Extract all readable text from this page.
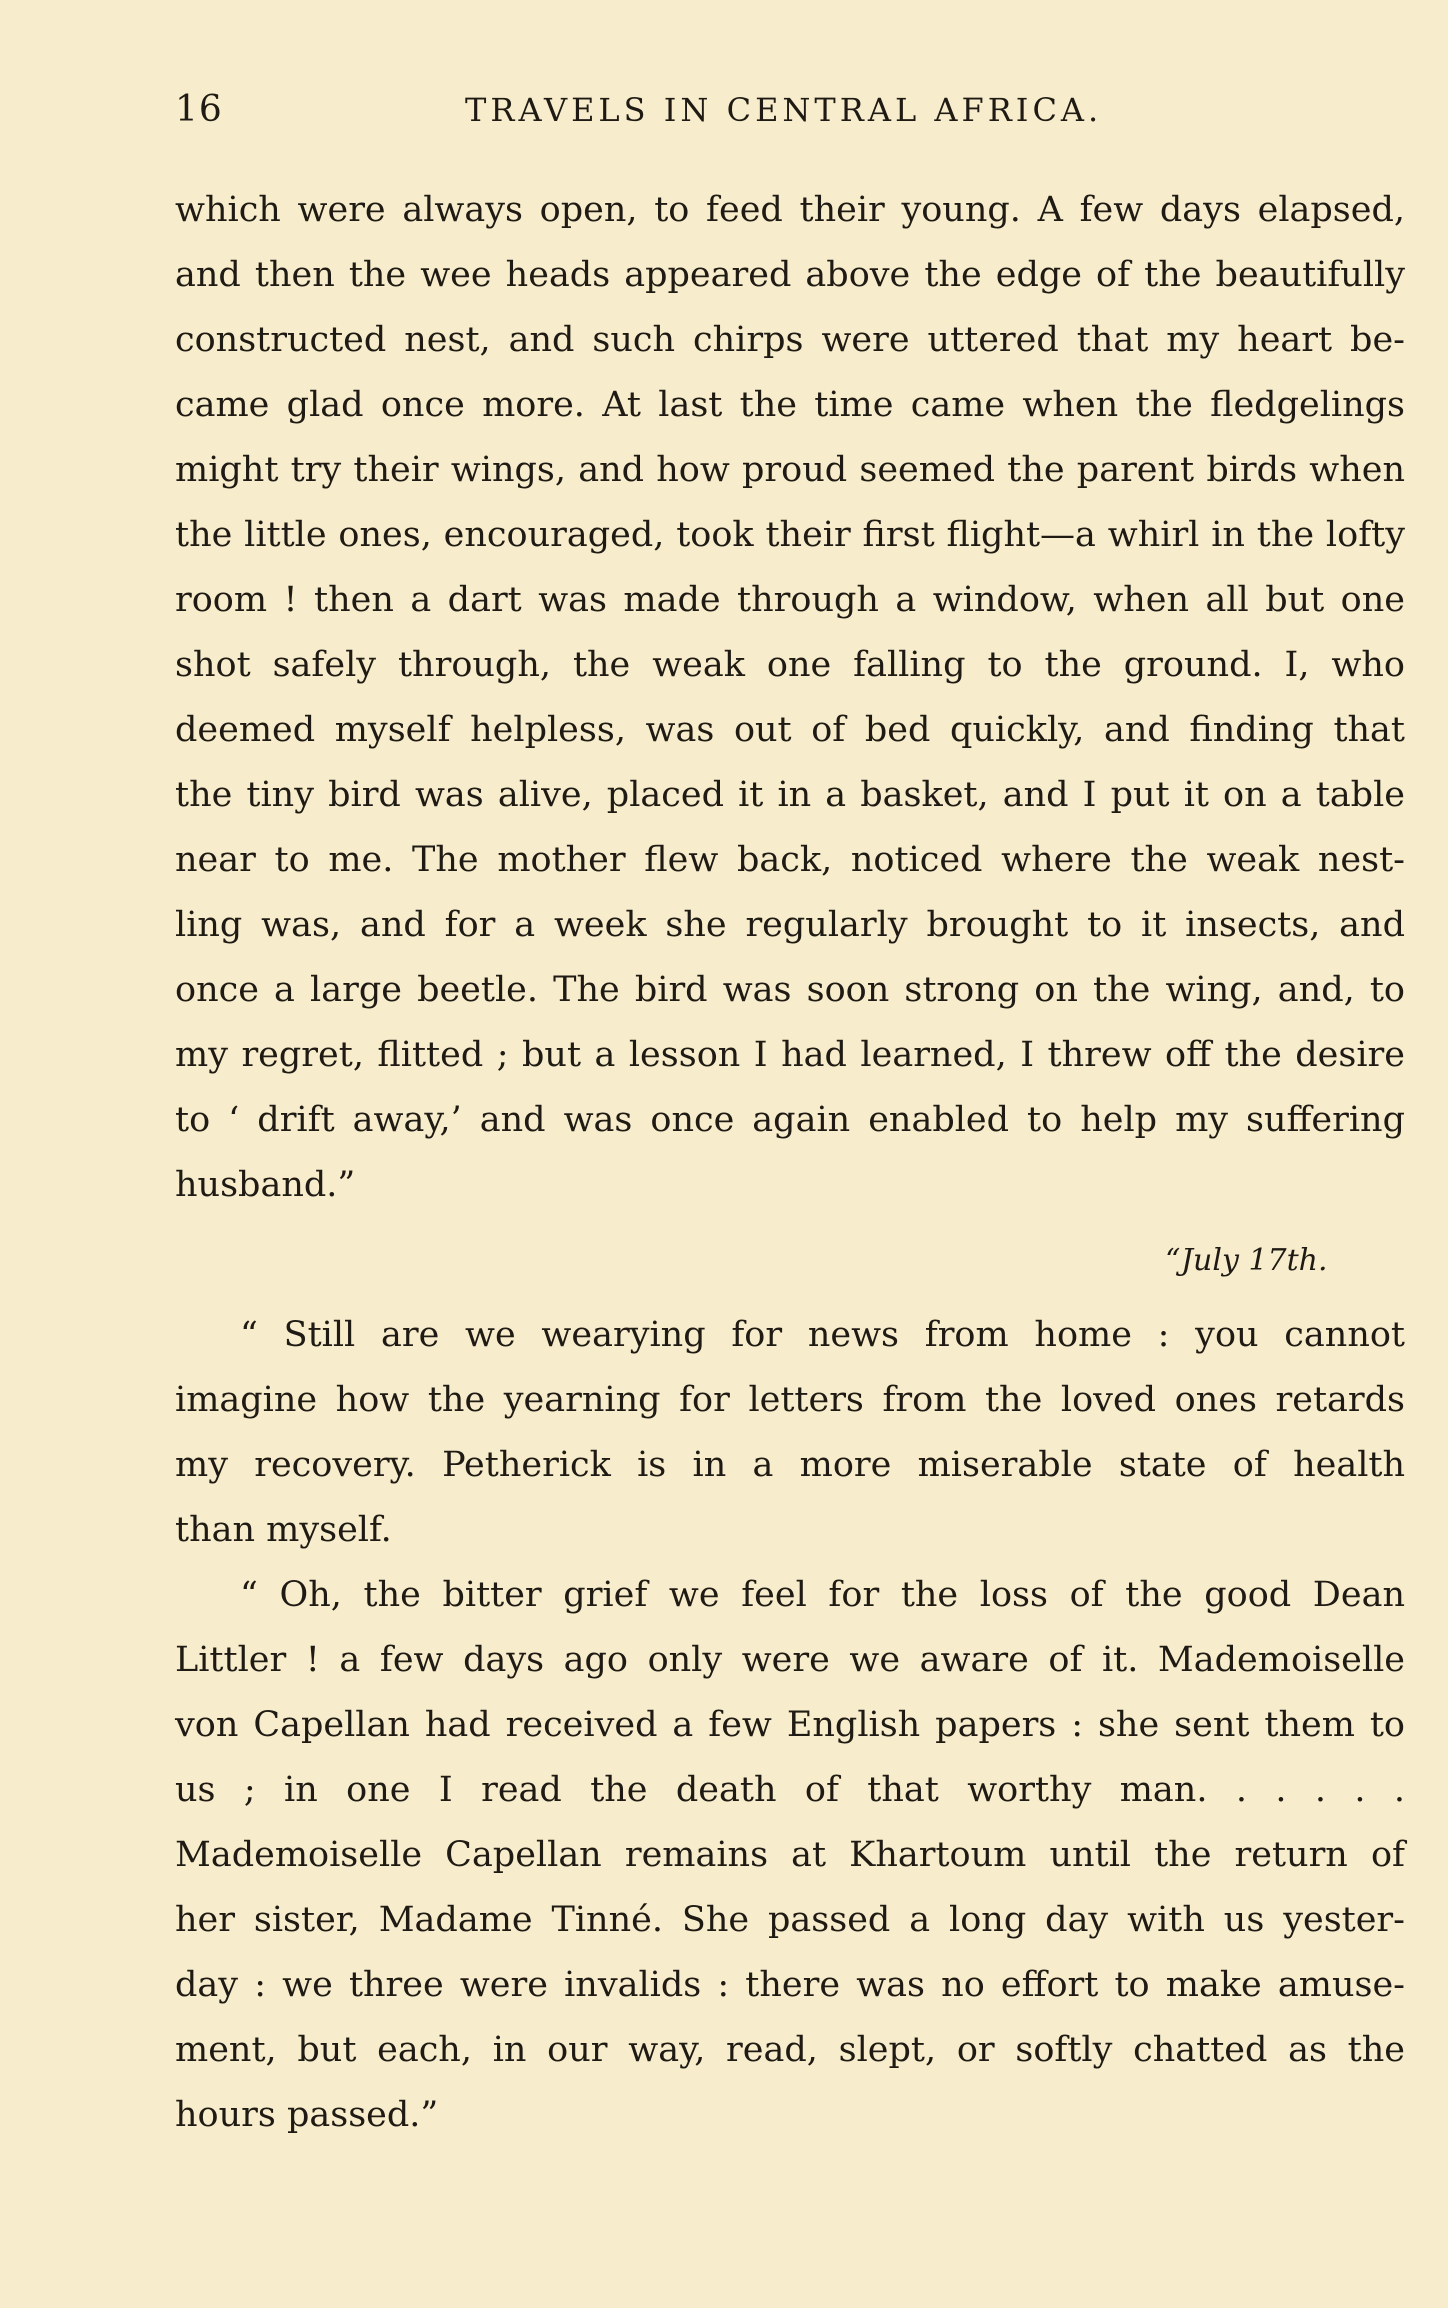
16	TRAVELS IN CENTRAL AFRICA.
which were always open, to feed their young. A few days elapsed,
and then the wee heads appeared above the edge of the beautifully
constructed nest, and such chirps were uttered that my heart be-
came glad once more. At last the time came when the fledgelings
might try their wings, and how proud seemed the parent birds when
the little ones, encouraged, took their first flight—a whirl in the lofty
room ! then a dart was made through a window, when all but one
shot safely through, the weak one falling to the ground. I, who
deemed myself helpless, was out of bed quickly, and finding that
the tiny bird was alive, placed it in a basket, and I put it on a table
near to me. The mother flew back, noticed where the weak nest-
ling was, and for a week she regularly brought to it insects, and
once a large beetle. The bird was soon strong on the wing, and, to
my regret, flitted ; but a lesson I had learned, I threw off the desire
to ‘ drift away,’ and was once again enabled to help my suffering
husband.”
“July 17th.
“ Still are we wearying for news from home : you cannot
imagine how the yearning for letters from the loved ones retards
my recovery. Petherick is in a more miserable state of health
than myself.
“ Oh, the bitter grief we feel for the loss of the good Dean
Littler ! a few days ago only were we aware of it. Mademoiselle
von Capellan had received a few English papers : she sent them to
us ; in one I read the death of that worthy man. . . . . .
Mademoiselle Capellan remains at Khartoum until the return of
her sister, Madame Tinné. She passed a long day with us yester-
day : we three were invalids : there was no effort to make amuse-
ment, but each, in our way, read, slept, or softly chatted as the
hours passed.”
